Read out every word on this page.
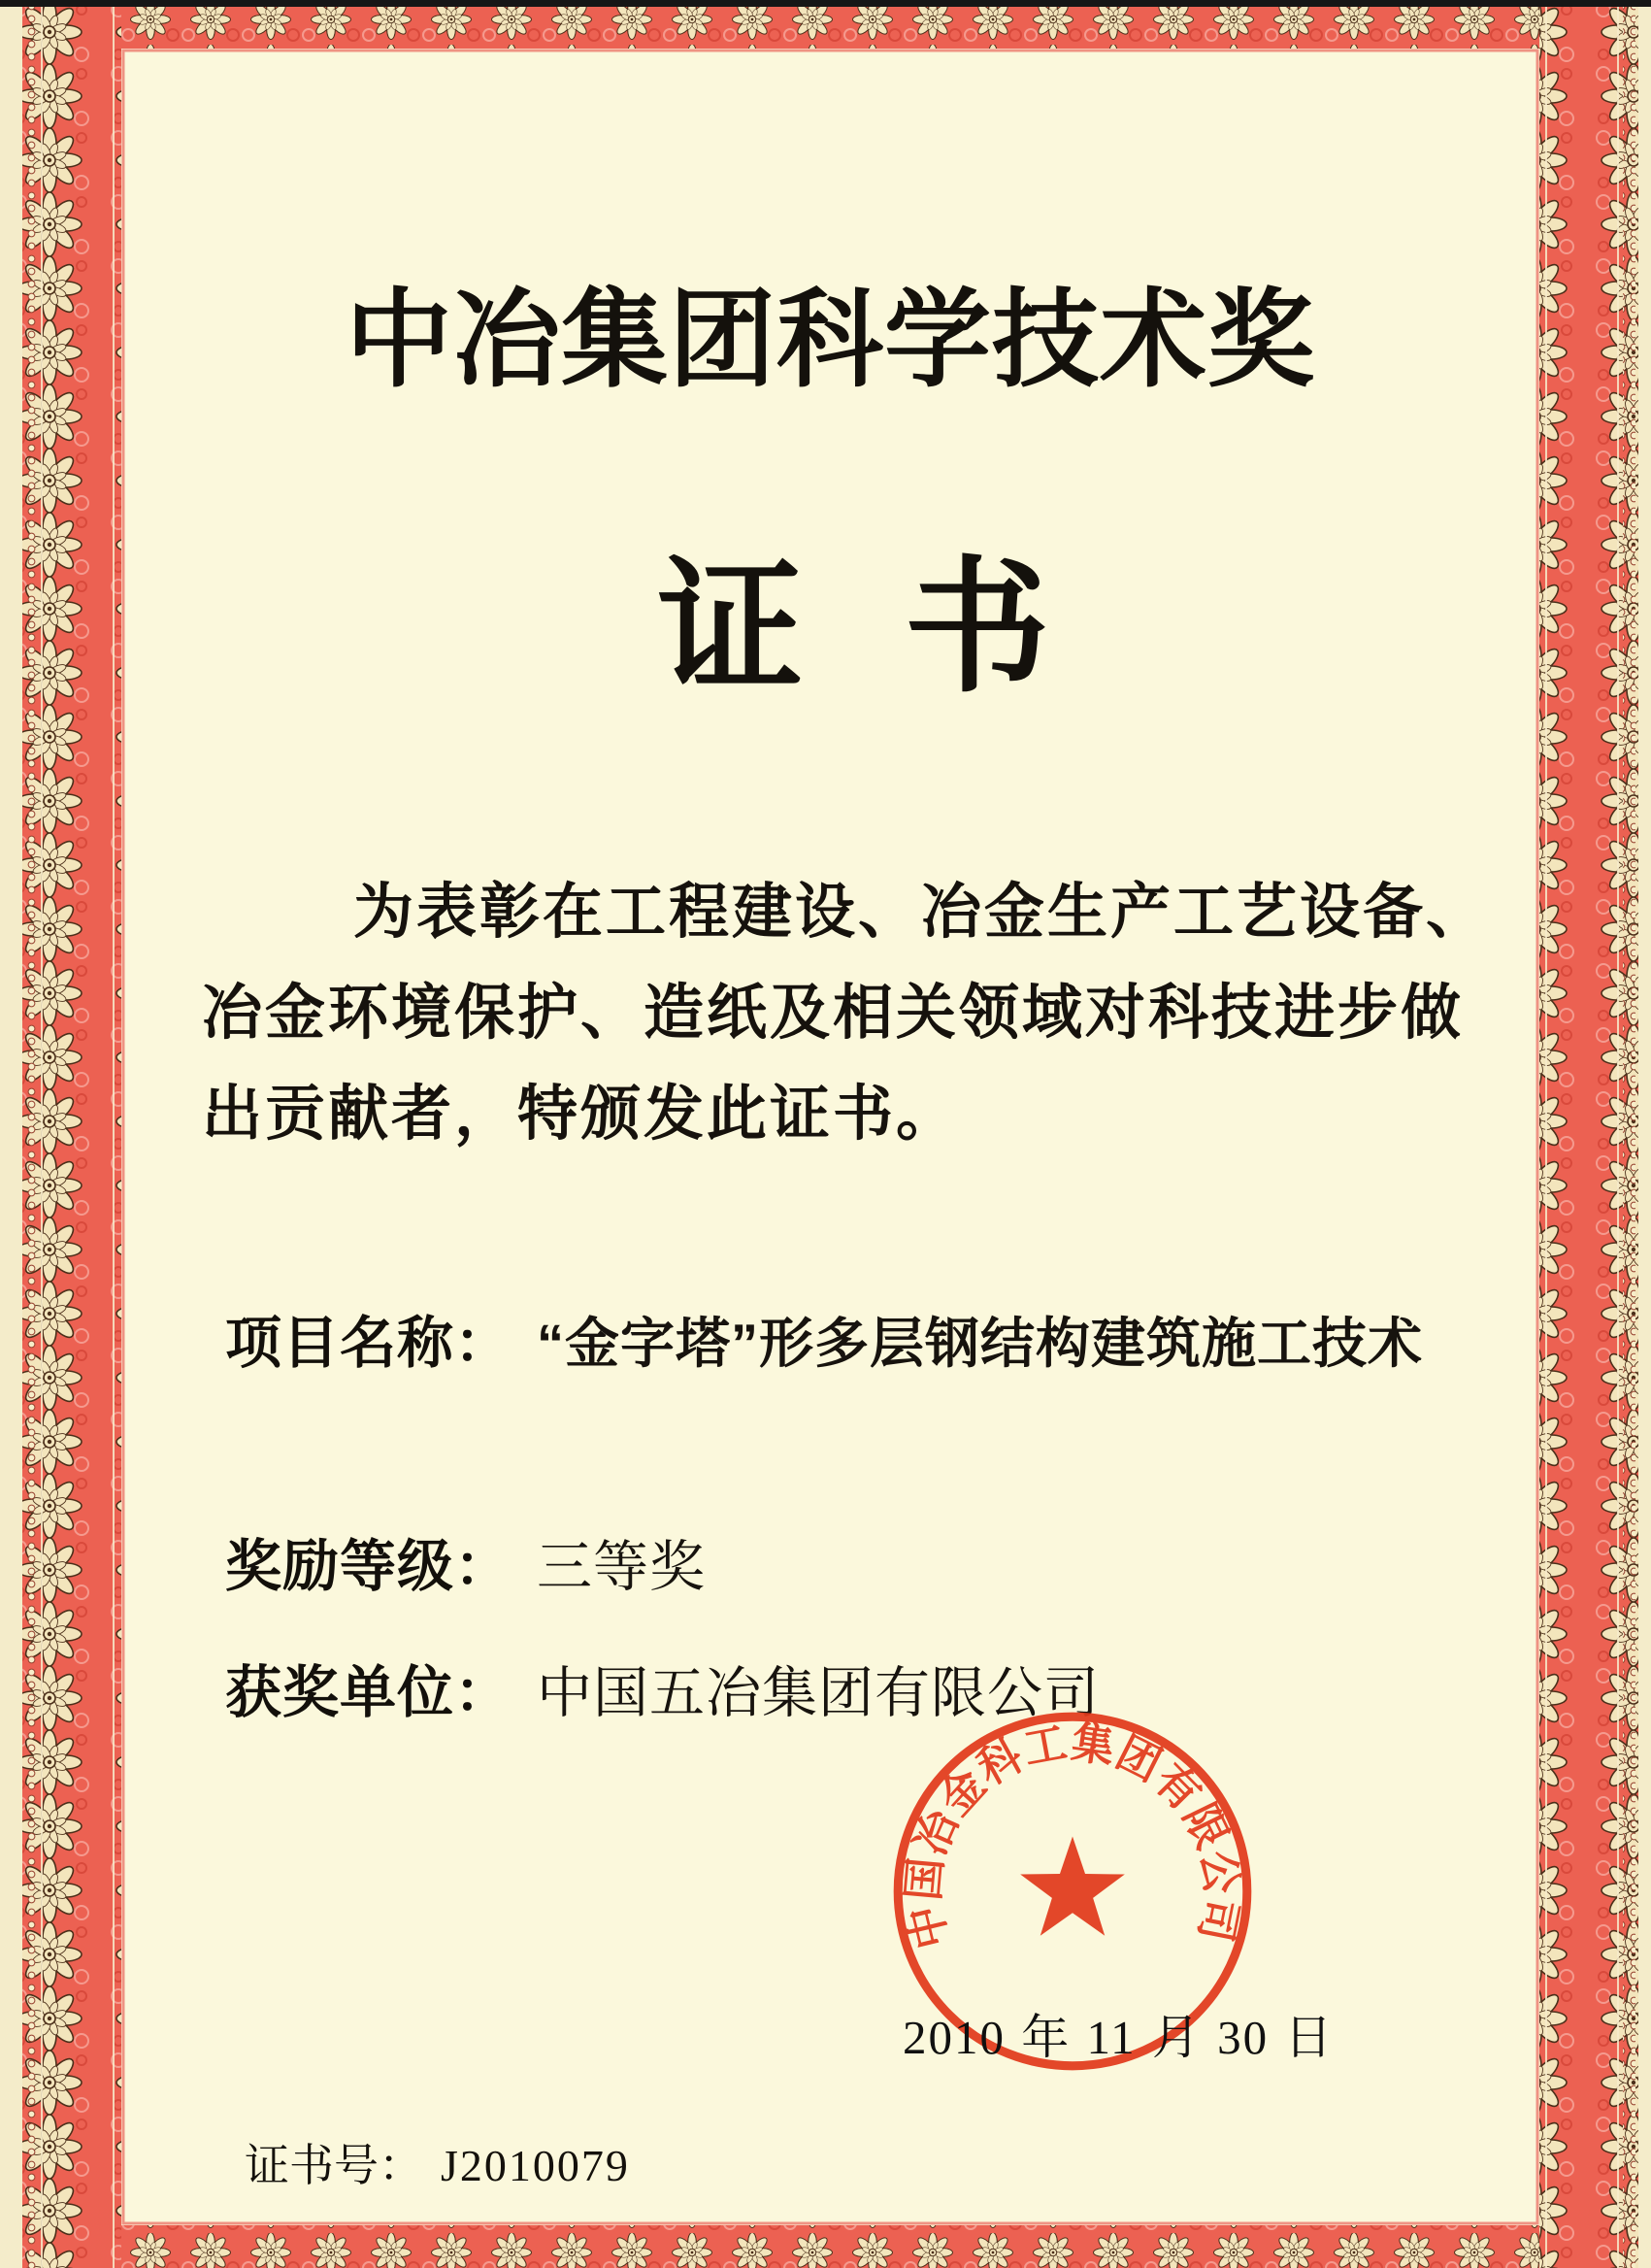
中冶集团科学技术奖
证 书
为表彰在工程建设、冶金生产工艺设备、
冶金环境保护、造纸及相关领域对科技进步做
出贡献者，特颁发此证书。
项目名称： “金字塔”形多层钢结构建筑施工技术
奖励等级： 三等奖
获奖单位： 中国五冶集团有限公司
中国冶金科工集团有限公司
2010 年 11 月 30 日
证书号： J2010079
